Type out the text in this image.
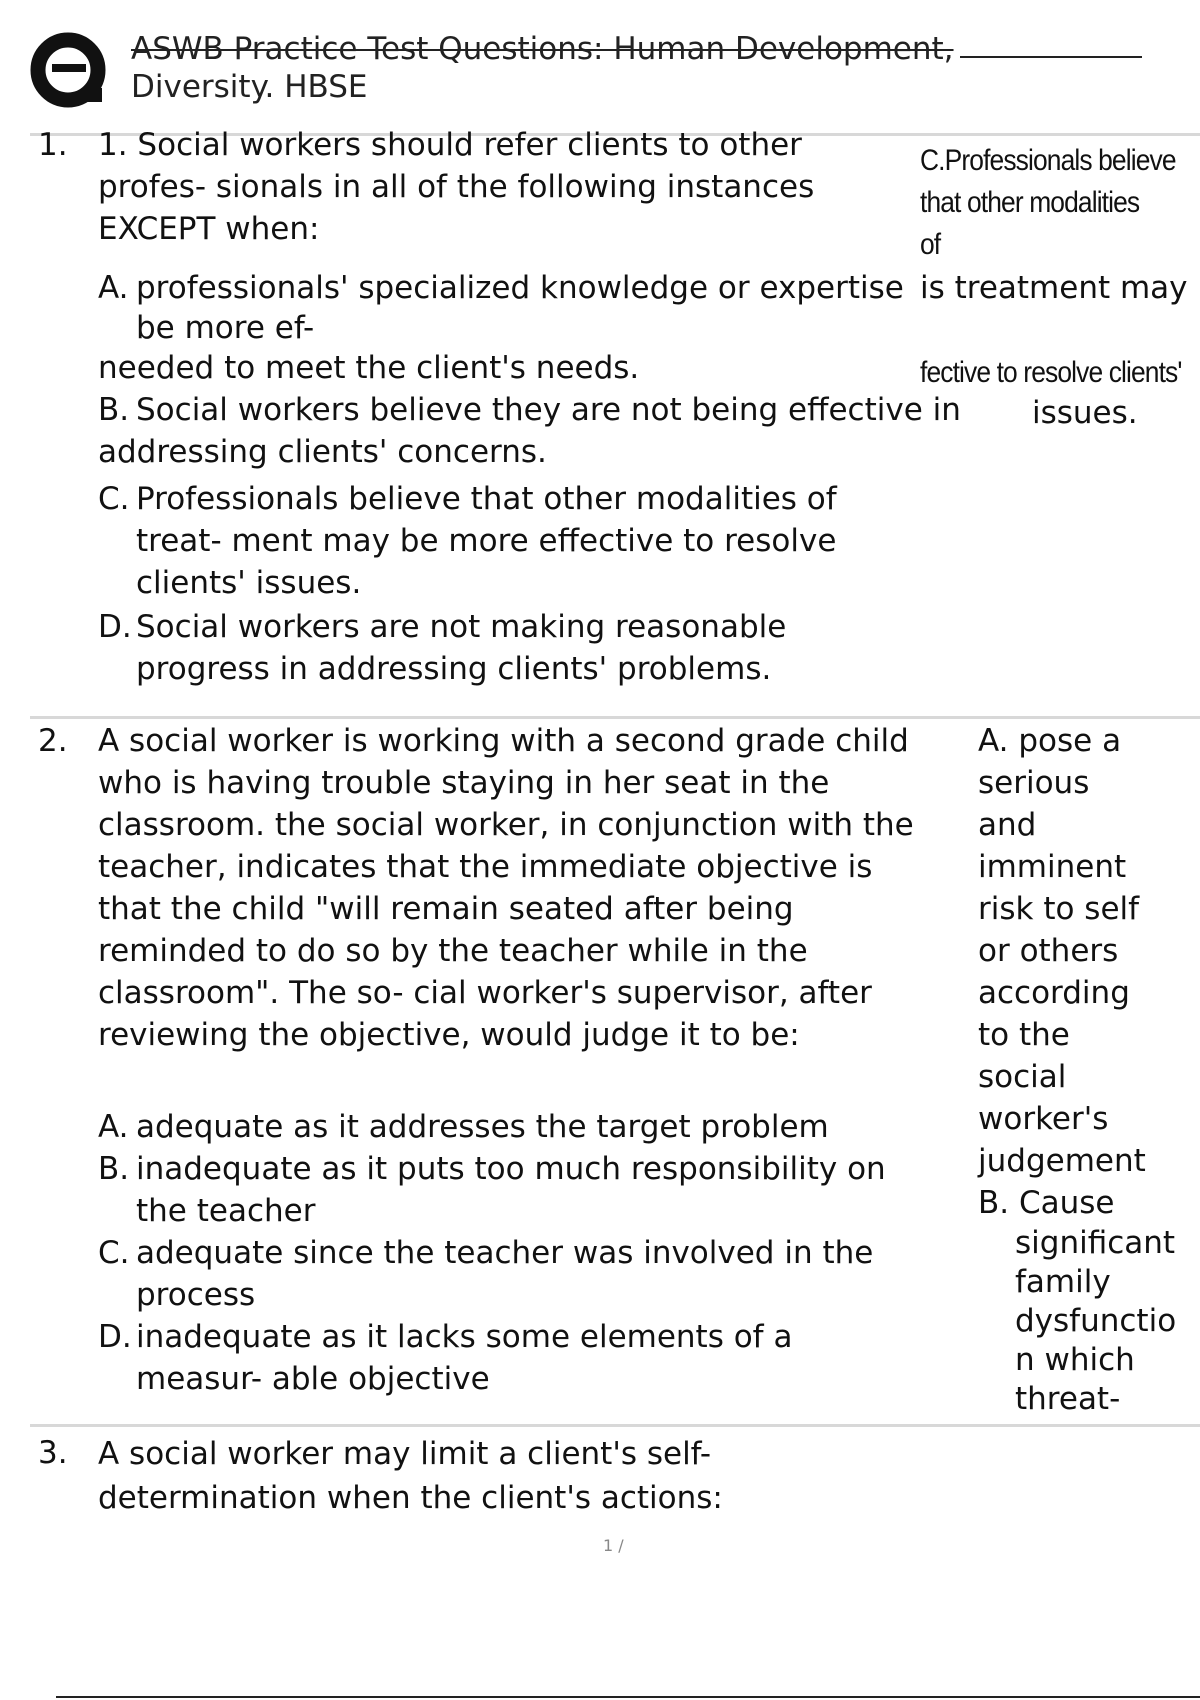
ASWB Practice Test Questions: Human Development,
Diversity. HBSE
1. 1. Social workers should refer clients to other profes- sionals in all of the following instances EXCEPT when:
C.Professionals believe
that other modalities
of
A. professionals' specialized knowledge or expertise is treatment may
be more ef-
needed to meet the client's needs.
B. Social workers believe they are not being effective in
addressing clients' concerns.
fective to resolve clients'
issues.
C. Professionals believe that other modalities of treat- ment may be more effective to resolve clients' issues.
D. Social workers are not making reasonable progress in addressing clients' problems.
2. A social worker is working with a second grade child who is having trouble staying in her seat in the classroom. the social worker, in conjunction with the teacher, indicates that the immediate objective is that the child "will remain seated after being reminded to do so by the teacher while in the classroom". The so- cial worker's supervisor, after reviewing the objective, would judge it to be:
A. adequate as it addresses the target problem
B. inadequate as it puts too much responsibility on the teacher
C. adequate since the teacher was involved in the process
D. inadequate as it lacks some elements of a measur- able objective
A. pose a
serious
and
imminent
risk to self
or others
according
to the
social
worker's
judgement
B. Cause
significant
family
dysfunctio
n which
threat-
3. A social worker may limit a client's self- determination when the client's actions:
1 /
